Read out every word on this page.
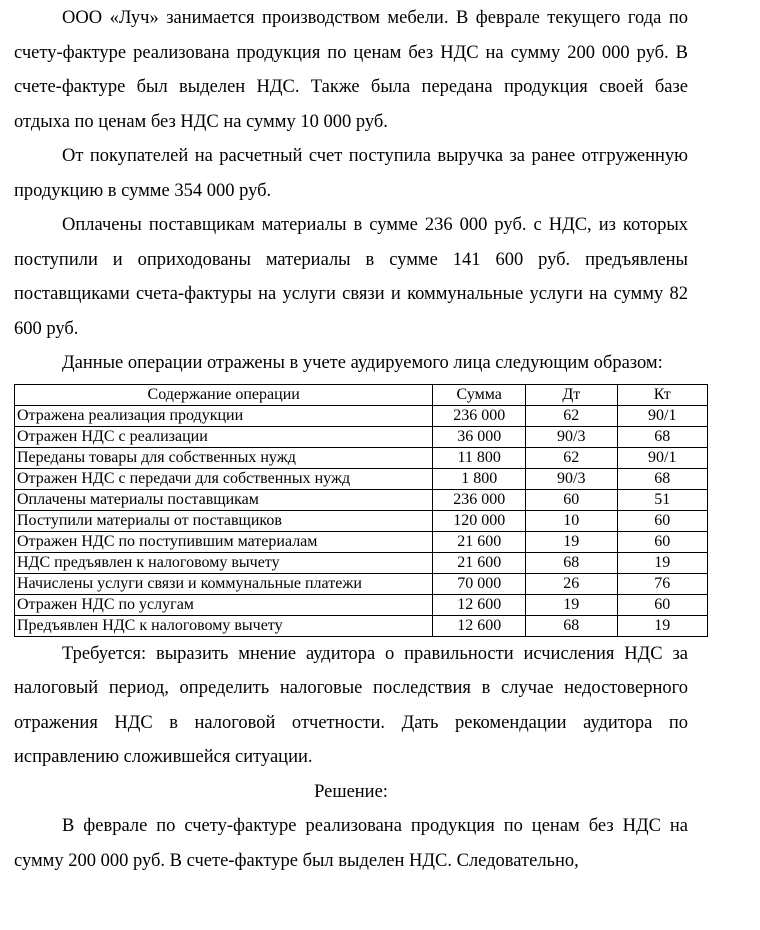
ООО «Луч» занимается производством мебели. В феврале текущего года по счету-фактуре реализована продукция по ценам без НДС на сумму 200 000 руб. В счете-фактуре был выделен НДС. Также была передана продукция своей базе отдыха по ценам без НДС на сумму 10 000 руб.

От покупателей на расчетный счет поступила выручка за ранее отгруженную продукцию в сумме 354 000 руб.

Оплачены поставщикам материалы в сумме 236 000 руб. с НДС, из которых поступили и оприходованы материалы в сумме 141 600 руб. предъявлены поставщиками счета-фактуры на услуги связи и коммунальные услуги на сумму 82 600 руб.

Данные операции отражены в учете аудируемого лица следующим образом:

Содержание операции	Сумма	Дт	Кт
Отражена реализация продукции	236 000	62	90/1
Отражен НДС с реализации	36 000	90/3	68
Переданы товары для собственных нужд	11 800	62	90/1
Отражен НДС с передачи для собственных нужд	1 800	90/3	68
Оплачены материалы поставщикам	236 000	60	51
Поступили материалы от поставщиков	120 000	10	60
Отражен НДС по поступившим материалам	21 600	19	60
НДС предъявлен к налоговому вычету	21 600	68	19
Начислены услуги связи и коммунальные платежи	70 000	26	76
Отражен НДС по услугам	12 600	19	60
Предъявлен НДС к налоговому вычету	12 600	68	19

Требуется: выразить мнение аудитора о правильности исчисления НДС за налоговый период, определить налоговые последствия в случае недостоверного отражения НДС в налоговой отчетности. Дать рекомендации аудитора по исправлению сложившейся ситуации.

Решение:

В феврале по счету-фактуре реализована продукция по ценам без НДС на сумму 200 000 руб. В счете-фактуре был выделен НДС. Следовательно,
